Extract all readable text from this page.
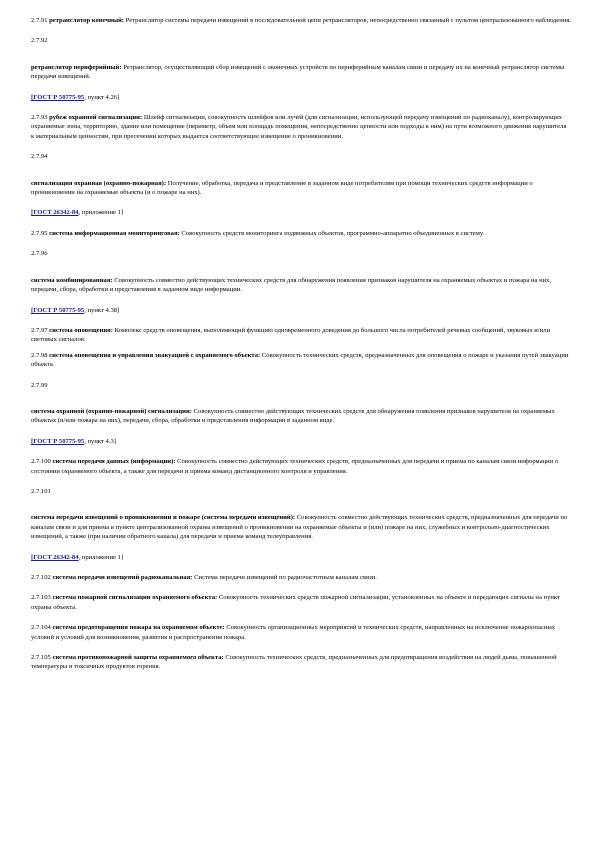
2.7.91 ретранслятор конечный: Ретранслятор системы передачи извещений в последовательной цепи ретрансляторов, непосредственно связанный с пультом централизованного наблюдения.
2.7.92
ретранслятор периферийный: Ретранслятор, осуществляющий сбор извещений с оконечных устройств по периферийным каналам связи и передачу их на конечный ретранслятор системы передачи извещений.
[ГОСТ Р 50775-95, пункт 4.26]
2.7.93 рубеж охранной сигнализации: Шлейф сигнализации, совокупность шлейфов или лучей (для сигнализации, использующей передачу извещений по радиоканалу), контролирующих охраняемые зоны, территорию, здание или помещение (периметр, объем или площадь помещения, непосредственно ценности или подходы к ним) на пути возможного движения нарушителя к материальным ценностям, при пресечении которых выдается соответствующее извещение о проникновении.
2.7.94
сигнализация охранная (охранно-пожарная): Получение, обработка, передача и представление в заданном виде потребителям при помощи технических средств информации о проникновении на охраняемые объекты (и о пожаре на них).
[ГОСТ 26342-84, приложение 1]
2.7.95 система информационная мониторинговая: Совокупность средств мониторинга подвижных объектов, программно-аппаратно объединенных в систему.
2.7.96
система комбинированная: Совокупность совместно действующих технических средств для обнаружения появления признаков нарушителя на охраняемых объектах и пожара на них, передачи, сбора, обработки и представления в заданном виде информации.
[ГОСТ Р 50775-95, пункт 4.38]
2.7.97 система оповещения: Комплекс средств оповещения, выполняющий функцию одновременного доведения до большого числа потребителей речевых сообщений, звуковых и/или световых сигналов.
2.7.98 система оповещения и управления эвакуацией с охраняемого объекта: Совокупность технических средств, предназначенных для оповещения о пожаре и указания путей эвакуации объекта.
2.7.99
система охранной (охранно-пожарной) сигнализации: Совокупность совместно действующих технических средств для обнаружения появления признаков нарушителя на охраняемых объектах (и/или пожара на них), передачи, сбора, обработки и представления информации в заданном виде.
[ГОСТ Р 50775-95, пункт 4.3]
2.7.100 система передачи данных (информации): Совокупность совместно действующих технических средств, предназначенных для передачи и приема по каналам связи информации о состоянии охраняемого объекта, а также для передачи и приема команд дистанционного контроля и управления.
2.7.101
система передачи извещений о проникновении и пожаре (система передачи извещений): Совокупность совместно действующих технических средств, предназначенных для передачи по каналам связи и для приема в пункте централизованной охраны извещений о проникновении на охраняемые объекты и (или) пожаре на них, служебных и контрольно-диагностических извещений, а также (при наличии обратного канала) для передачи и приема команд телеуправления.
[ГОСТ 26342-84, приложение 1]
2.7.102 система передачи извещений радиоканальная: Система передачи извещений по радиочастотным каналам связи.
2.7.103 система пожарной сигнализации охраняемого объекта: Совокупность технических средств пожарной сигнализации, установленных на объекте и передающих сигналы на пункт охраны объекта.
2.7.104 система предотвращения пожара на охраняемом объекте: Совокупность организационных мероприятий и технических средств, направленных на исключение пожароопасных условий и условий для возникновения, развития и распространения пожара.
2.7.105 система противопожарной защиты охраняемого объекта: Совокупность технических средств, предназначенных для предотвращения воздействия на людей дыма, повышенной температуры и токсичных продуктов горения.
